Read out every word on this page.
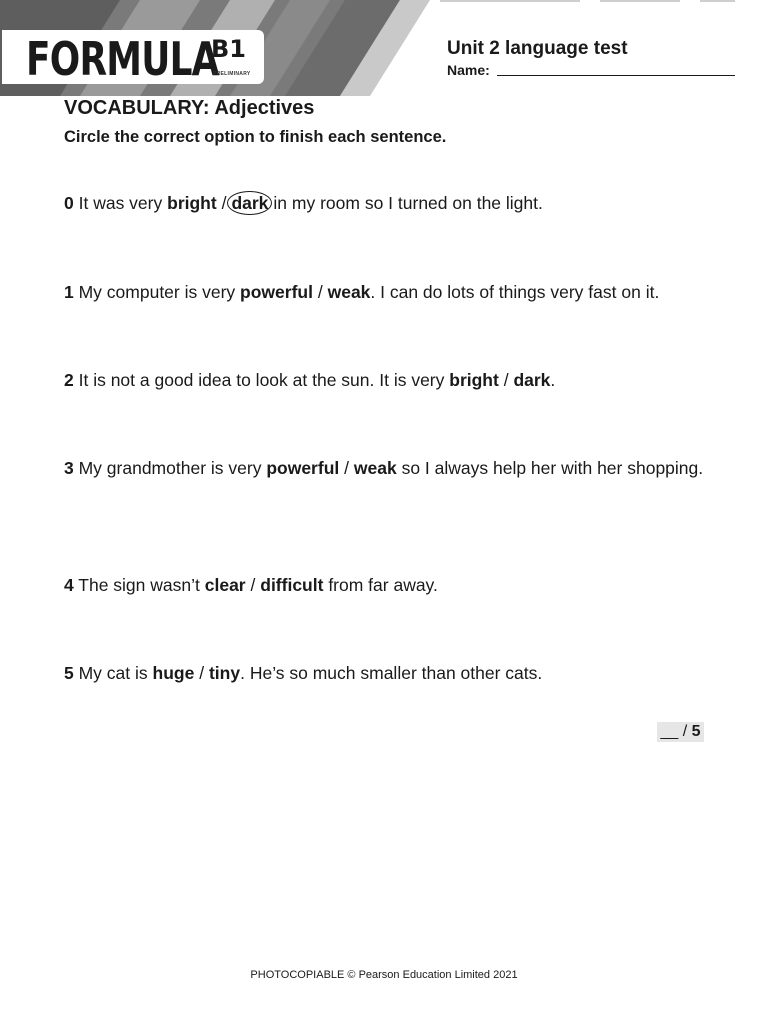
FORMULA
B1
PRELIMINARY
Unit 2 language test
Name:
VOCABULARY: Adjectives
Circle the correct option to finish each sentence.
0 It was very bright / dark in my room so I turned on the light.
1 My computer is very powerful / weak. I can do lots of things very fast on it.
2 It is not a good idea to look at the sun. It is very bright / dark.
3 My grandmother is very powerful / weak so I always help her with her shopping.
4 The sign wasn’t clear / difficult from far away.
5 My cat is huge / tiny. He’s so much smaller than other cats.
__ / 5
PHOTOCOPIABLE © Pearson Education Limited 2021
